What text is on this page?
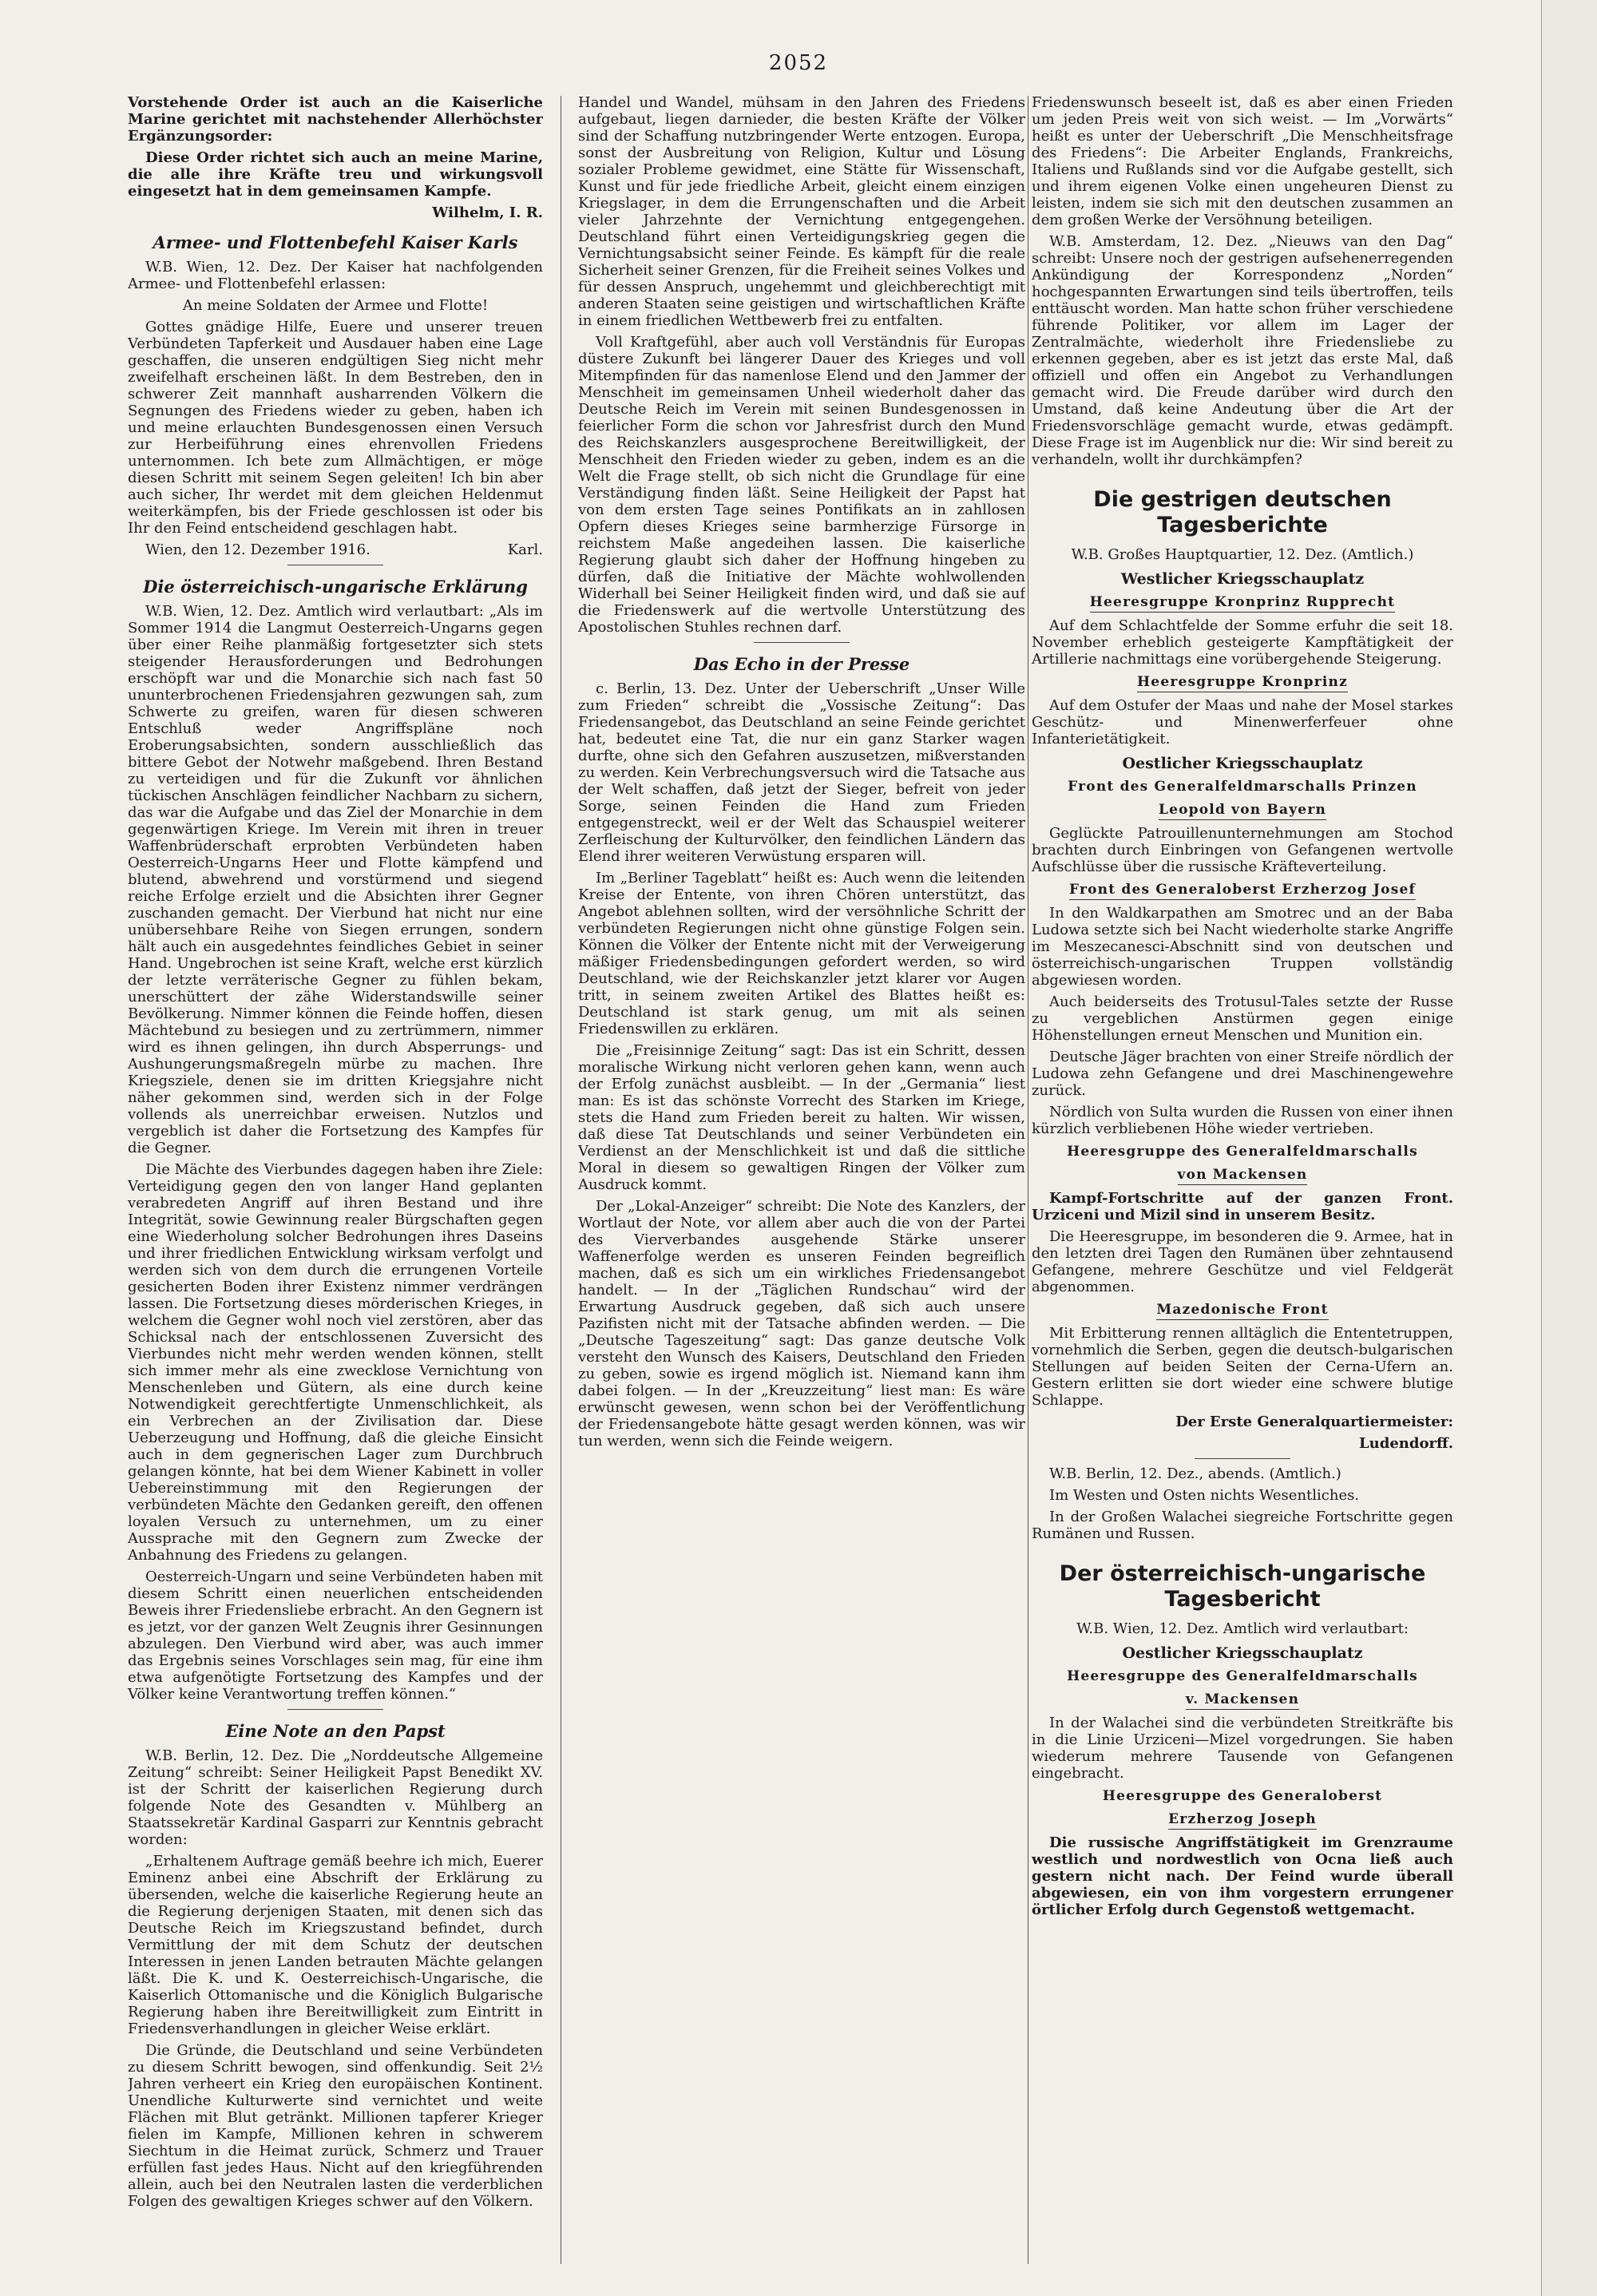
2052

Vorstehende Order ist auch an die Kaiserliche Marine gerichtet mit nachstehender Allerhöchster Ergänzungsorder:

Diese Order richtet sich auch an meine Marine, die alle ihre Kräfte treu und wirkungsvoll eingesetzt hat in dem gemeinsamen Kampfe.

Wilhelm, I. R.
Armee- und Flottenbefehl Kaiser Karls

W.B. Wien, 12. Dez. Der Kaiser hat nachfolgenden Armee- und Flottenbefehl erlassen:

An meine Soldaten der Armee und Flotte!

Gottes gnädige Hilfe, Euere und unserer treuen Verbündeten Tapferkeit und Ausdauer haben eine Lage geschaffen, die unseren endgültigen Sieg nicht mehr zweifelhaft erscheinen läßt. In dem Bestreben, den in schwerer Zeit mannhaft ausharrenden Völkern die Segnungen des Friedens wieder zu geben, haben ich und meine erlauchten Bundesgenossen einen Versuch zur Herbeiführung eines ehrenvollen Friedens unternommen. Ich bete zum Allmächtigen, er möge diesen Schritt mit seinem Segen geleiten! Ich bin aber auch sicher, Ihr werdet mit dem gleichen Heldenmut weiterkämpfen, bis der Friede geschlossen ist oder bis Ihr den Feind entscheidend geschlagen habt.

Wien, den 12. Dezember 1916.	Karl.

Die österreichisch-ungarische Erklärung

W.B. Wien, 12. Dez. Amtlich wird verlautbart: „Als im Sommer 1914 die Langmut Oesterreich-Ungarns gegen über einer Reihe planmäßig fortgesetzter sich stets steigender Herausforderungen und Bedrohungen erschöpft war und die Monarchie sich nach fast 50 ununterbrochenen Friedensjahren gezwungen sah, zum Schwerte zu greifen, waren für diesen schweren Entschluß weder Angriffspläne noch Eroberungsabsichten, sondern ausschließlich das bittere Gebot der Notwehr maßgebend. Ihren Bestand zu verteidigen und für die Zukunft vor ähnlichen tückischen Anschlägen feindlicher Nachbarn zu sichern, das war die Aufgabe und das Ziel der Monarchie in dem gegenwärtigen Kriege. Im Verein mit ihren in treuer Waffenbrüderschaft erprobten Verbündeten haben Oesterreich-Ungarns Heer und Flotte kämpfend und blutend, abwehrend und vorstürmend und siegend reiche Erfolge erzielt und die Absichten ihrer Gegner zuschanden gemacht. Der Vierbund hat nicht nur eine unübersehbare Reihe von Siegen errungen, sondern hält auch ein ausgedehntes feindliches Gebiet in seiner Hand. Ungebrochen ist seine Kraft, welche erst kürzlich der letzte verräterische Gegner zu fühlen bekam, unerschüttert der zähe Widerstandswille seiner Bevölkerung. Nimmer können die Feinde hoffen, diesen Mächtebund zu besiegen und zu zertrümmern, nimmer wird es ihnen gelingen, ihn durch Absperrungs- und Aushungerungsmaßregeln mürbe zu machen. Ihre Kriegsziele, denen sie im dritten Kriegsjahre nicht näher gekommen sind, werden sich in der Folge vollends als unerreichbar erweisen. Nutzlos und vergeblich ist daher die Fortsetzung des Kampfes für die Gegner.

Die Mächte des Vierbundes dagegen haben ihre Ziele: Verteidigung gegen den von langer Hand geplanten verabredeten Angriff auf ihren Bestand und ihre Integrität, sowie Gewinnung realer Bürgschaften gegen eine Wiederholung solcher Bedrohungen ihres Daseins und ihrer friedlichen Entwicklung wirksam verfolgt und werden sich von dem durch die errungenen Vorteile gesicherten Boden ihrer Existenz nimmer verdrängen lassen. Die Fortsetzung dieses mörderischen Krieges, in welchem die Gegner wohl noch viel zerstören, aber das Schicksal nach der entschlossenen Zuversicht des Vierbundes nicht mehr werden wenden können, stellt sich immer mehr als eine zwecklose Vernichtung von Menschenleben und Gütern, als eine durch keine Notwendigkeit gerechtfertigte Unmenschlichkeit, als ein Verbrechen an der Zivilisation dar. Diese Ueberzeugung und Hoffnung, daß die gleiche Einsicht auch in dem gegnerischen Lager zum Durchbruch gelangen könnte, hat bei dem Wiener Kabinett in voller Uebereinstimmung mit den Regierungen der verbündeten Mächte den Gedanken gereift, den offenen loyalen Versuch zu unternehmen, um zu einer Aussprache mit den Gegnern zum Zwecke der Anbahnung des Friedens zu gelangen.

Oesterreich-Ungarn und seine Verbündeten haben mit diesem Schritt einen neuerlichen entscheidenden Beweis ihrer Friedensliebe erbracht. An den Gegnern ist es jetzt, vor der ganzen Welt Zeugnis ihrer Gesinnungen abzulegen. Den Vierbund wird aber, was auch immer das Ergebnis seines Vorschlages sein mag, für eine ihm etwa aufgenötigte Fortsetzung des Kampfes und der Völker keine Verantwortung treffen können.“

Eine Note an den Papst

W.B. Berlin, 12. Dez. Die „Norddeutsche Allgemeine Zeitung“ schreibt: Seiner Heiligkeit Papst Benedikt XV. ist der Schritt der kaiserlichen Regierung durch folgende Note des Gesandten v. Mühlberg an Staatssekretär Kardinal Gasparri zur Kenntnis gebracht worden:

„Erhaltenem Auftrage gemäß beehre ich mich, Euerer Eminenz anbei eine Abschrift der Erklärung zu übersenden, welche die kaiserliche Regierung heute an die Regierung derjenigen Staaten, mit denen sich das Deutsche Reich im Kriegszustand befindet, durch Vermittlung der mit dem Schutz der deutschen Interessen in jenen Landen betrauten Mächte gelangen läßt. Die K. und K. Oesterreichisch-Ungarische, die Kaiserlich Ottomanische und die Königlich Bulgarische Regierung haben ihre Bereitwilligkeit zum Eintritt in Friedensverhandlungen in gleicher Weise erklärt.

Die Gründe, die Deutschland und seine Verbündeten zu diesem Schritt bewogen, sind offenkundig. Seit 2½ Jahren verheert ein Krieg den europäischen Kontinent. Unendliche Kulturwerte sind vernichtet und weite Flächen mit Blut getränkt. Millionen tapferer Krieger fielen im Kampfe, Millionen kehren in schwerem Siechtum in die Heimat zurück, Schmerz und Trauer erfüllen fast jedes Haus. Nicht auf den kriegführenden allein, auch bei den Neutralen lasten die verderblichen Folgen des gewaltigen Krieges schwer auf den Völkern.

Handel und Wandel, mühsam in den Jahren des Friedens aufgebaut, liegen darnieder, die besten Kräfte der Völker sind der Schaffung nutzbringender Werte entzogen. Europa, sonst der Ausbreitung von Religion, Kultur und Lösung sozialer Probleme gewidmet, eine Stätte für Wissenschaft, Kunst und für jede friedliche Arbeit, gleicht einem einzigen Kriegslager, in dem die Errungenschaften und die Arbeit vieler Jahrzehnte der Vernichtung entgegengehen. Deutschland führt einen Verteidigungskrieg gegen die Vernichtungsabsicht seiner Feinde. Es kämpft für die reale Sicherheit seiner Grenzen, für die Freiheit seines Volkes und für dessen Anspruch, ungehemmt und gleichberechtigt mit anderen Staaten seine geistigen und wirtschaftlichen Kräfte in einem friedlichen Wettbewerb frei zu entfalten.

Voll Kraftgefühl, aber auch voll Verständnis für Europas düstere Zukunft bei längerer Dauer des Krieges und voll Mitempfinden für das namenlose Elend und den Jammer der Menschheit im gemeinsamen Unheil wiederholt daher das Deutsche Reich im Verein mit seinen Bundesgenossen in feierlicher Form die schon vor Jahresfrist durch den Mund des Reichskanzlers ausgesprochene Bereitwilligkeit, der Menschheit den Frieden wieder zu geben, indem es an die Welt die Frage stellt, ob sich nicht die Grundlage für eine Verständigung finden läßt. Seine Heiligkeit der Papst hat von dem ersten Tage seines Pontifikats an in zahllosen Opfern dieses Krieges seine barmherzige Fürsorge in reichstem Maße angedeihen lassen. Die kaiserliche Regierung glaubt sich daher der Hoffnung hingeben zu dürfen, daß die Initiative der Mächte wohlwollenden Widerhall bei Seiner Heiligkeit finden wird, und daß sie auf die Friedenswerk auf die wertvolle Unterstützung des Apostolischen Stuhles rechnen darf.

Das Echo in der Presse

c. Berlin, 13. Dez. Unter der Ueberschrift „Unser Wille zum Frieden“ schreibt die „Vossische Zeitung“: Das Friedensangebot, das Deutschland an seine Feinde gerichtet hat, bedeutet eine Tat, die nur ein ganz Starker wagen durfte, ohne sich den Gefahren auszusetzen, mißverstanden zu werden. Kein Verbrechungsversuch wird die Tatsache aus der Welt schaffen, daß jetzt der Sieger, befreit von jeder Sorge, seinen Feinden die Hand zum Frieden entgegenstreckt, weil er der Welt das Schauspiel weiterer Zerfleischung der Kulturvölker, den feindlichen Ländern das Elend ihrer weiteren Verwüstung ersparen will.

Im „Berliner Tageblatt“ heißt es: Auch wenn die leitenden Kreise der Entente, von ihren Chören unterstützt, das Angebot ablehnen sollten, wird der versöhnliche Schritt der verbündeten Regierungen nicht ohne günstige Folgen sein. Können die Völker der Entente nicht mit der Verweigerung mäßiger Friedensbedingungen gefordert werden, so wird Deutschland, wie der Reichskanzler jetzt klarer vor Augen tritt, in seinem zweiten Artikel des Blattes heißt es: Deutschland ist stark genug, um mit als seinen Friedenswillen zu erklären.

Die „Freisinnige Zeitung“ sagt: Das ist ein Schritt, dessen moralische Wirkung nicht verloren gehen kann, wenn auch der Erfolg zunächst ausbleibt. — In der „Germania“ liest man: Es ist das schönste Vorrecht des Starken im Kriege, stets die Hand zum Frieden bereit zu halten. Wir wissen, daß diese Tat Deutschlands und seiner Verbündeten ein Verdienst an der Menschlichkeit ist und daß die sittliche Moral in diesem so gewaltigen Ringen der Völker zum Ausdruck kommt.

Der „Lokal-Anzeiger“ schreibt: Die Note des Kanzlers, der Wortlaut der Note, vor allem aber auch die von der Partei des Vierverbandes ausgehende Stärke unserer Waffenerfolge werden es unseren Feinden begreiflich machen, daß es sich um ein wirkliches Friedensangebot handelt. — In der „Täglichen Rundschau“ wird der Erwartung Ausdruck gegeben, daß sich auch unsere Pazifisten nicht mit der Tatsache abfinden werden. — Die „Deutsche Tageszeitung“ sagt: Das ganze deutsche Volk versteht den Wunsch des Kaisers, Deutschland den Frieden zu geben, sowie es irgend möglich ist. Niemand kann ihm dabei folgen. — In der „Kreuzzeitung“ liest man: Es wäre erwünscht gewesen, wenn schon bei der Veröffentlichung der Friedensangebote hätte gesagt werden können, was wir tun werden, wenn sich die Feinde weigern.

Friedenswunsch beseelt ist, daß es aber einen Frieden um jeden Preis weit von sich weist. — Im „Vorwärts“ heißt es unter der Ueberschrift „Die Menschheitsfrage des Friedens“: Die Arbeiter Englands, Frankreichs, Italiens und Rußlands sind vor die Aufgabe gestellt, sich und ihrem eigenen Volke einen ungeheuren Dienst zu leisten, indem sie sich mit den deutschen zusammen an dem großen Werke der Versöhnung beteiligen.

W.B. Amsterdam, 12. Dez. „Nieuws van den Dag“ schreibt: Unsere noch der gestrigen aufsehenerregenden Ankündigung der Korrespondenz „Norden“ hochgespannten Erwartungen sind teils übertroffen, teils enttäuscht worden. Man hatte schon früher verschiedene führende Politiker, vor allem im Lager der Zentralmächte, wiederholt ihre Friedensliebe zu erkennen gegeben, aber es ist jetzt das erste Mal, daß offiziell und offen ein Angebot zu Verhandlungen gemacht wird. Die Freude darüber wird durch den Umstand, daß keine Andeutung über die Art der Friedensvorschläge gemacht wurde, etwas gedämpft. Diese Frage ist im Augenblick nur die: Wir sind bereit zu verhandeln, wollt ihr durchkämpfen?

Die gestrigen deutschen Tagesberichte

W.B. Großes Hauptquartier, 12. Dez. (Amtlich.)

Westlicher Kriegsschauplatz
Heeresgruppe Kronprinz Rupprecht

Auf dem Schlachtfelde der Somme erfuhr die seit 18. November erheblich gesteigerte Kampftätigkeit der Artillerie nachmittags eine vorübergehende Steigerung.

Heeresgruppe Kronprinz

Auf dem Ostufer der Maas und nahe der Mosel starkes Geschütz- und Minenwerferfeuer ohne Infanterietätigkeit.

Oestlicher Kriegsschauplatz
Front des Generalfeldmarschalls Prinzen
Leopold von Bayern

Geglückte Patrouillenunternehmungen am Stochod brachten durch Einbringen von Gefangenen wertvolle Aufschlüsse über die russische Kräfteverteilung.

Front des Generaloberst Erzherzog Josef

In den Waldkarpathen am Smotrec und an der Baba Ludowa setzte sich bei Nacht wiederholte starke Angriffe im Meszecanesci-Abschnitt sind von deutschen und österreichisch-ungarischen Truppen vollständig abgewiesen worden.

Auch beiderseits des Trotusul-Tales setzte der Russe zu vergeblichen Anstürmen gegen einige Höhenstellungen erneut Menschen und Munition ein.

Deutsche Jäger brachten von einer Streife nördlich der Ludowa zehn Gefangene und drei Maschinengewehre zurück.

Nördlich von Sulta wurden die Russen von einer ihnen kürzlich verbliebenen Höhe wieder vertrieben.

Heeresgruppe des Generalfeldmarschalls
von Mackensen

Kampf-Fortschritte auf der ganzen Front. Urziceni und Mizil sind in unserem Besitz.

Die Heeresgruppe, im besonderen die 9. Armee, hat in den letzten drei Tagen den Rumänen über zehntausend Gefangene, mehrere Geschütze und viel Feldgerät abgenommen.

Mazedonische Front

Mit Erbitterung rennen alltäglich die Ententetruppen, vornehmlich die Serben, gegen die deutsch-bulgarischen Stellungen auf beiden Seiten der Cerna-Ufern an. Gestern erlitten sie dort wieder eine schwere blutige Schlappe.

Der Erste Generalquartiermeister:
Ludendorff.

W.B. Berlin, 12. Dez., abends. (Amtlich.)

Im Westen und Osten nichts Wesentliches.

In der Großen Walachei siegreiche Fortschritte gegen Rumänen und Russen.

Der österreichisch-ungarische Tagesbericht

W.B. Wien, 12. Dez. Amtlich wird verlautbart:

Oestlicher Kriegsschauplatz
Heeresgruppe des Generalfeldmarschalls
v. Mackensen

In der Walachei sind die verbündeten Streitkräfte bis in die Linie Urziceni—Mizel vorgedrungen. Sie haben wiederum mehrere Tausende von Gefangenen eingebracht.

Heeresgruppe des Generaloberst
Erzherzog Joseph

Die russische Angriffstätigkeit im Grenzraume westlich und nordwestlich von Ocna ließ auch gestern nicht nach. Der Feind wurde überall abgewiesen, ein von ihm vorgestern errungener örtlicher Erfolg durch Gegenstoß wettgemacht.
